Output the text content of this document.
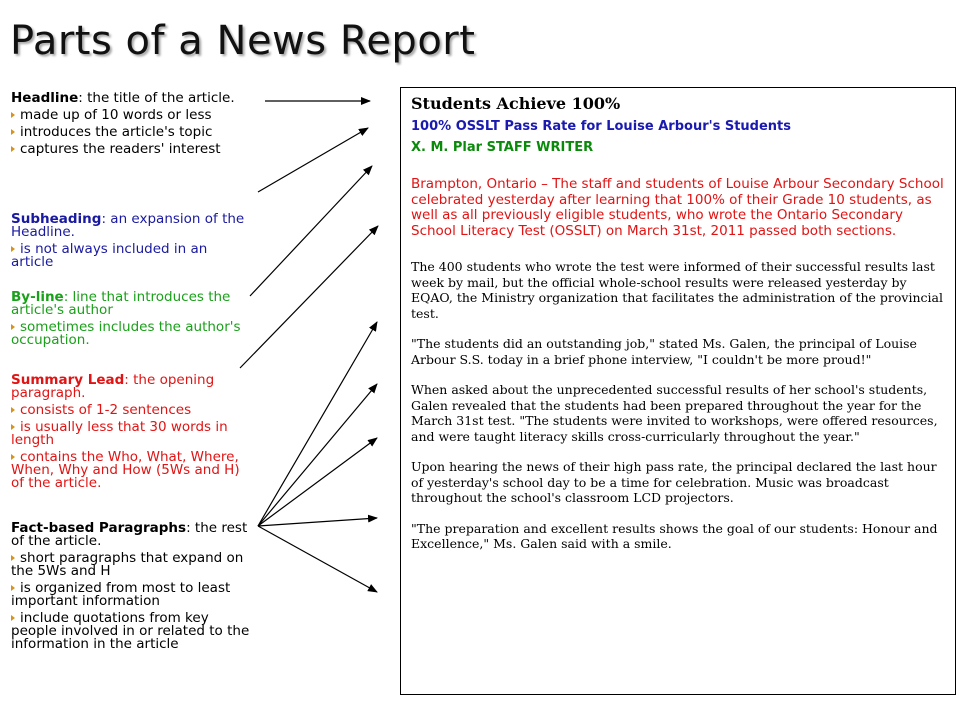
Parts of a News Report
Headline: the title of the article.
made up of 10 words or less
introduces the article's topic
captures the readers' interest
Subheading: an expansion of the Headline.
is not always included in an article
By-line: line that introduces the article's author
sometimes includes the author's occupation.
Summary Lead: the opening paragraph.
consists of 1-2 sentences
is usually less that 30 words in length
contains the Who, What, Where, When, Why and How (5Ws and H) of the article.
Fact-based Paragraphs: the rest of the article.
short paragraphs that expand on the 5Ws and H
is organized from most to least important information
include quotations from key people involved in or related to the information in the article
Students Achieve 100%
100% OSSLT Pass Rate for Louise Arbour's Students
X. M. Plar STAFF WRITER
Brampton, Ontario – The staff and students of Louise Arbour Secondary School celebrated yesterday after learning that 100% of their Grade 10 students, as well as all previously eligible students, who wrote the Ontario Secondary School Literacy Test (OSSLT) on March 31st, 2011 passed both sections.
The 400 students who wrote the test were informed of their successful results last week by mail, but the official whole-school results were released yesterday by EQAO, the Ministry organization that facilitates the administration of the provincial test.
"The students did an outstanding job," stated Ms. Galen, the principal of Louise Arbour S.S. today in a brief phone interview, "I couldn't be more proud!"
When asked about the unprecedented successful results of her school's students, Galen revealed that the students had been prepared throughout the year for the March 31st test. "The students were invited to workshops, were offered resources, and were taught literacy skills cross-curricularly throughout the year."
Upon hearing the news of their high pass rate, the principal declared the last hour of yesterday's school day to be a time for celebration. Music was broadcast throughout the school's classroom LCD projectors.
"The preparation and excellent results shows the goal of our students: Honour and Excellence," Ms. Galen said with a smile.
